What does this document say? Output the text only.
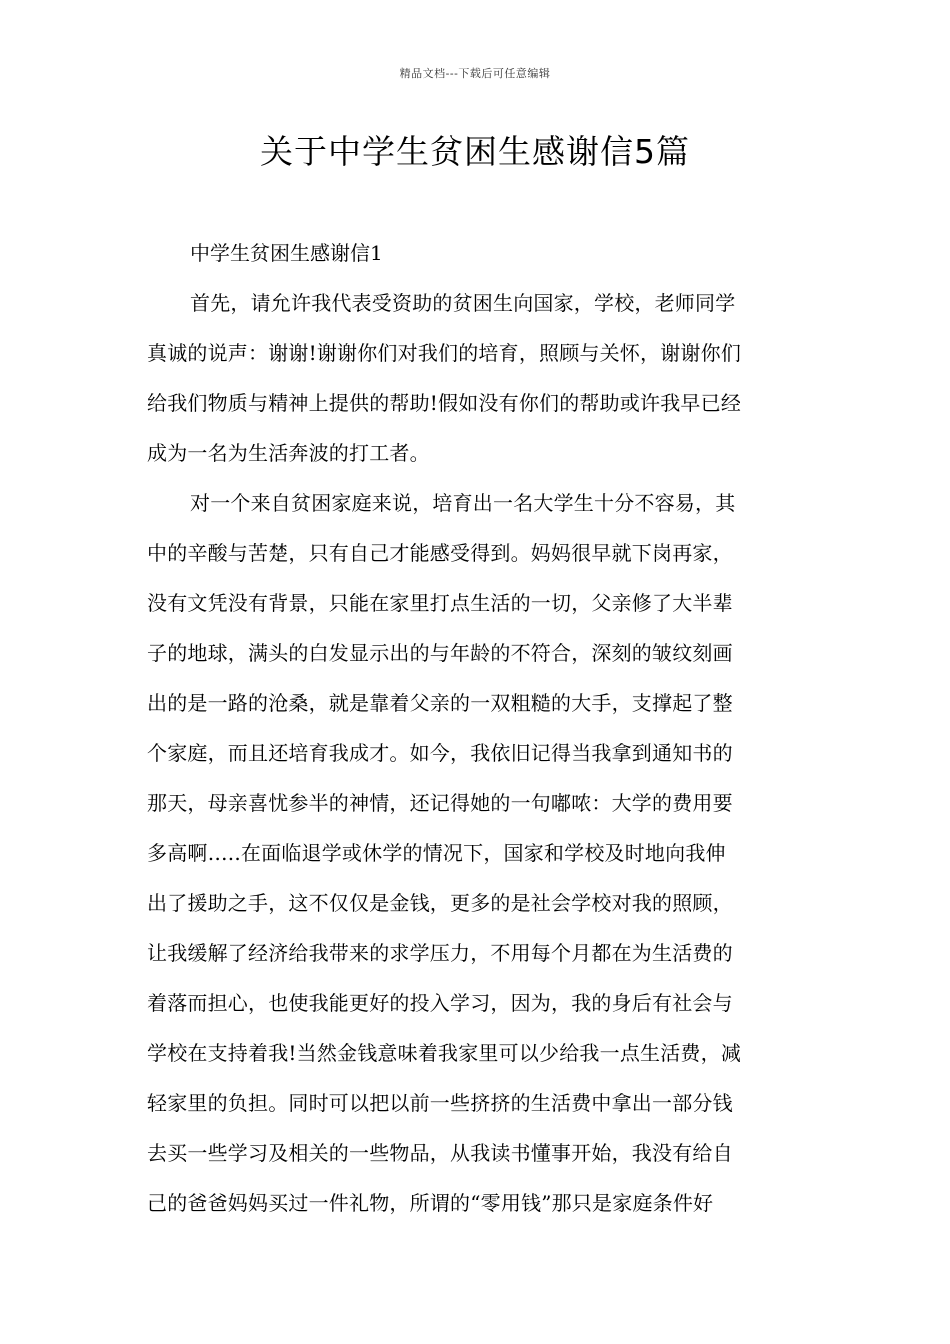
精品文档---下载后可任意编辑
关于中学生贫困生感谢信5篇

中学生贫困生感谢信1

首先，请允许我代表受资助的贫困生向国家，学校，老师同学
真诚的说声：谢谢!谢谢你们对我们的培育，照顾与关怀，谢谢你们
给我们物质与精神上提供的帮助!假如没有你们的帮助或许我早已经
成为一名为生活奔波的打工者。
对一个来自贫困家庭来说，培育出一名大学生十分不容易，其
中的辛酸与苦楚，只有自己才能感受得到。妈妈很早就下岗再家，
没有文凭没有背景，只能在家里打点生活的一切，父亲修了大半辈
子的地球，满头的白发显示出的与年龄的不符合，深刻的皱纹刻画
出的是一路的沧桑，就是靠着父亲的一双粗糙的大手，支撑起了整
个家庭，而且还培育我成才。如今，我依旧记得当我拿到通知书的
那天，母亲喜忧参半的神情，还记得她的一句嘟哝：大学的费用要
多高啊…..在面临退学或休学的情况下，国家和学校及时地向我伸
出了援助之手，这不仅仅是金钱，更多的是社会学校对我的照顾，
让我缓解了经济给我带来的求学压力，不用每个月都在为生活费的
着落而担心，也使我能更好的投入学习，因为，我的身后有社会与
学校在支持着我!当然金钱意味着我家里可以少给我一点生活费，减
轻家里的负担。同时可以把以前一些挤挤的生活费中拿出一部分钱
去买一些学习及相关的一些物品，从我读书懂事开始，我没有给自
己的爸爸妈妈买过一件礼物，所谓的“零用钱”那只是家庭条件好
